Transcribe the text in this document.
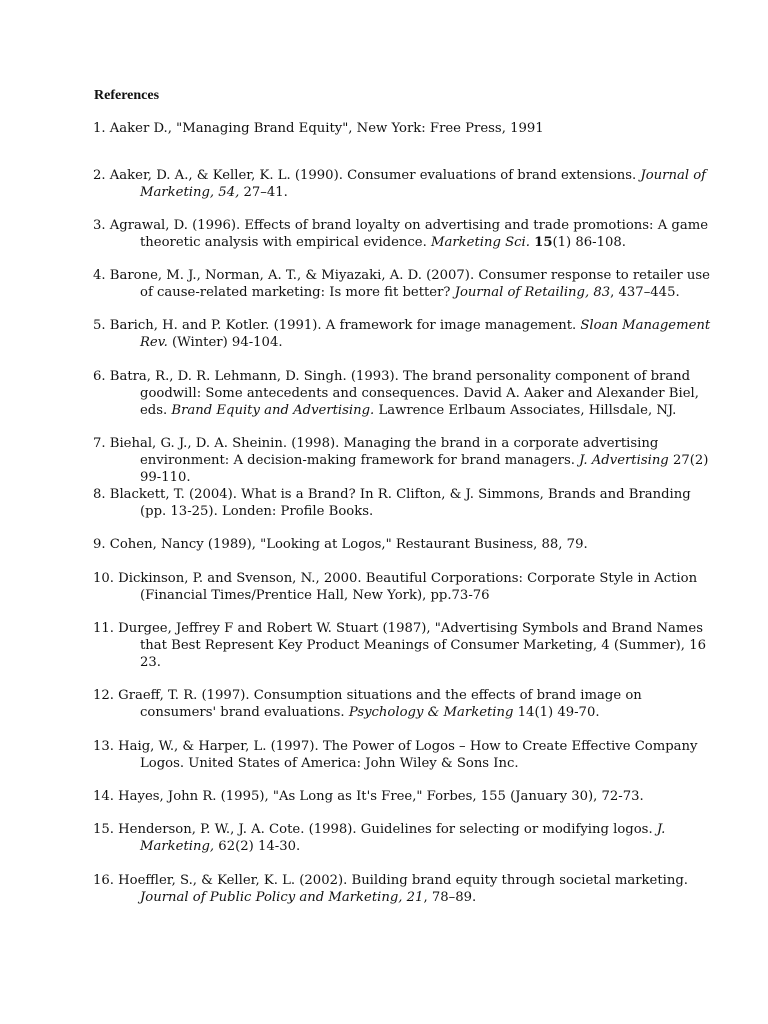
References
1. Aaker D., "Managing Brand Equity", New York: Free Press, 1991
2. Aaker, D. A., & Keller, K. L. (1990). Consumer evaluations of brand extensions. Journal of Marketing, 54, 27–41.
3. Agrawal, D. (1996). Effects of brand loyalty on advertising and trade promotions: A game theoretic analysis with empirical evidence. Marketing Sci. 15(1) 86-108.
4. Barone, M. J., Norman, A. T., & Miyazaki, A. D. (2007). Consumer response to retailer use of cause-related marketing: Is more fit better? Journal of Retailing, 83, 437–445.
5. Barich, H. and P. Kotler. (1991). A framework for image management. Sloan Management Rev. (Winter) 94-104.
6. Batra, R., D. R. Lehmann, D. Singh. (1993). The brand personality component of brand goodwill: Some antecedents and consequences. David A. Aaker and Alexander Biel, eds. Brand Equity and Advertising. Lawrence Erlbaum Associates, Hillsdale, NJ.
7. Biehal, G. J., D. A. Sheinin. (1998). Managing the brand in a corporate advertising environment: A decision-making framework for brand managers. J. Advertising 27(2) 99-110.
8. Blackett, T. (2004). What is a Brand? In R. Clifton, & J. Simmons, Brands and Branding (pp. 13-25). Londen: Profile Books.
9. Cohen, Nancy (1989), "Looking at Logos," Restaurant Business, 88, 79.
10. Dickinson, P. and Svenson, N., 2000. Beautiful Corporations: Corporate Style in Action (Financial Times/Prentice Hall, New York), pp.73-76
11. Durgee, Jeffrey F and Robert W. Stuart (1987), "Advertising Symbols and Brand Names that Best Represent Key Product Meanings of Consumer Marketing, 4 (Summer), 16 23.
12. Graeff, T. R. (1997). Consumption situations and the effects of brand image on consumers' brand evaluations. Psychology & Marketing 14(1) 49-70.
13. Haig, W., & Harper, L. (1997). The Power of Logos – How to Create Effective Company Logos. United States of America: John Wiley & Sons Inc.
14. Hayes, John R. (1995), "As Long as It's Free," Forbes, 155 (January 30), 72-73.
15. Henderson, P. W., J. A. Cote. (1998). Guidelines for selecting or modifying logos. J. Marketing, 62(2) 14-30.
16. Hoeffler, S., & Keller, K. L. (2002). Building brand equity through societal marketing. Journal of Public Policy and Marketing, 21, 78–89.
